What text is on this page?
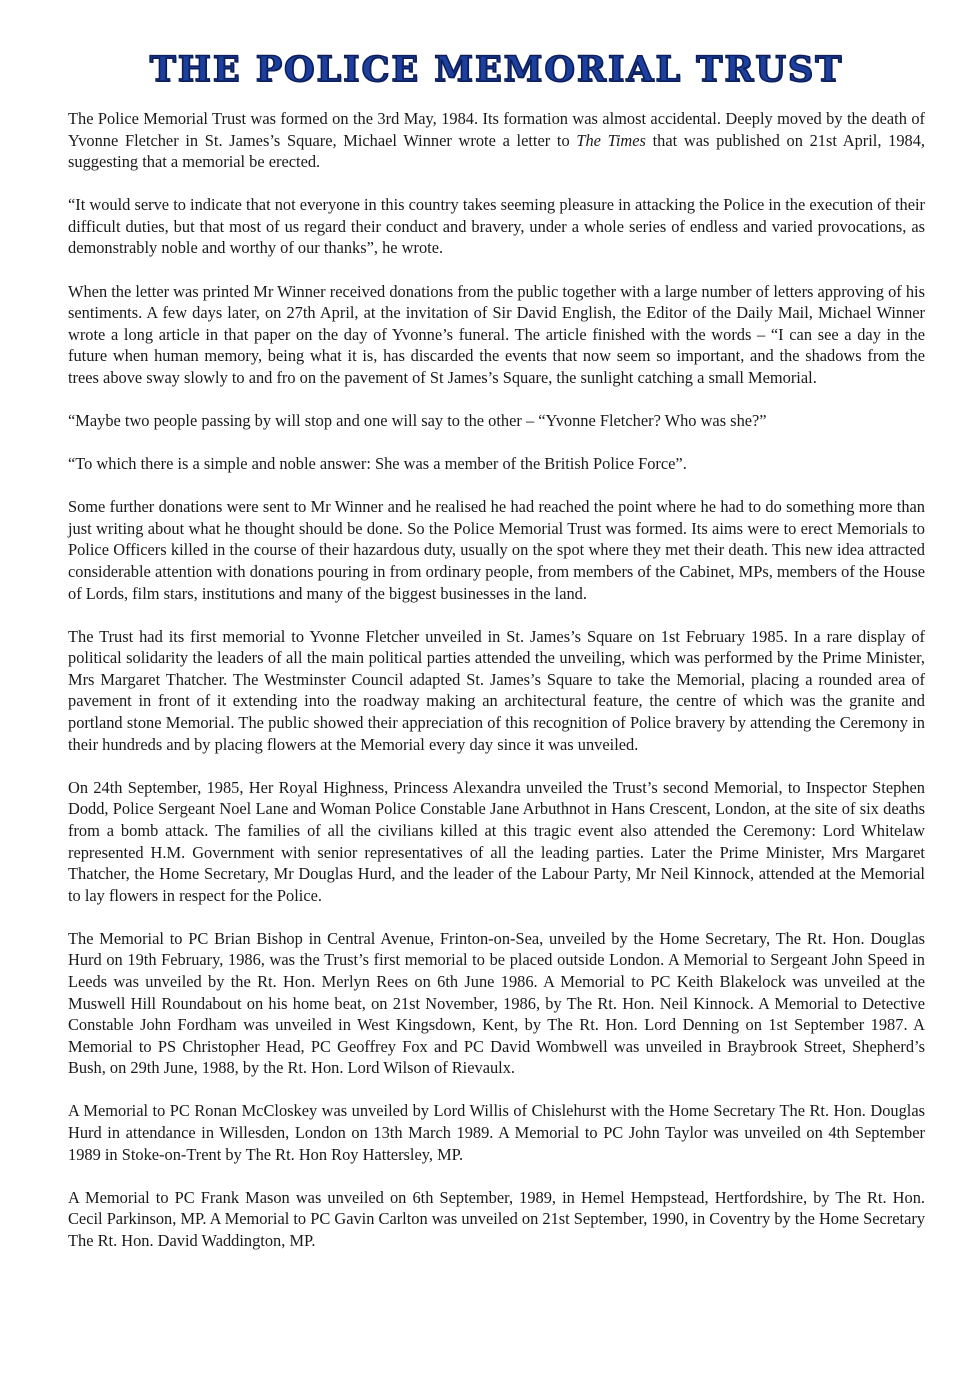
THE POLICE MEMORIAL TRUST

The Police Memorial Trust was formed on the 3rd May, 1984. Its formation was almost accidental. Deeply moved by the death of Yvonne Fletcher in St. James’s Square, Michael Winner wrote a letter to The Times that was published on 21st April, 1984, suggesting that a memorial be erected.

“It would serve to indicate that not everyone in this country takes seeming pleasure in attacking the Police in the execution of their difficult duties, but that most of us regard their conduct and bravery, under a whole series of endless and varied provocations, as demonstrably noble and worthy of our thanks”, he wrote.

When the letter was printed Mr Winner received donations from the public together with a large number of letters approving of his sentiments. A few days later, on 27th April, at the invitation of Sir David English, the Editor of the Daily Mail, Michael Winner wrote a long article in that paper on the day of Yvonne’s funeral. The article finished with the words – “I can see a day in the future when human memory, being what it is, has discarded the events that now seem so important, and the shadows from the trees above sway slowly to and fro on the pavement of St James’s Square, the sunlight catching a small Memorial.

“Maybe two people passing by will stop and one will say to the other – “Yvonne Fletcher? Who was she?”

“To which there is a simple and noble answer: She was a member of the British Police Force”.

Some further donations were sent to Mr Winner and he realised he had reached the point where he had to do something more than just writing about what he thought should be done. So the Police Memorial Trust was formed. Its aims were to erect Memorials to Police Officers killed in the course of their hazardous duty, usually on the spot where they met their death. This new idea attracted considerable attention with donations pouring in from ordinary people, from members of the Cabinet, MPs, members of the House of Lords, film stars, institutions and many of the biggest businesses in the land.

The Trust had its first memorial to Yvonne Fletcher unveiled in St. James’s Square on 1st February 1985. In a rare display of political solidarity the leaders of all the main political parties attended the unveiling, which was performed by the Prime Minister, Mrs Margaret Thatcher. The Westminster Council adapted St. James’s Square to take the Memorial, placing a rounded area of pavement in front of it extending into the roadway making an architectural feature, the centre of which was the granite and portland stone Memorial. The public showed their appreciation of this recognition of Police bravery by attending the Ceremony in their hundreds and by placing flowers at the Memorial every day since it was unveiled.

On 24th September, 1985, Her Royal Highness, Princess Alexandra unveiled the Trust’s second Memorial, to Inspector Stephen Dodd, Police Sergeant Noel Lane and Woman Police Constable Jane Arbuthnot in Hans Crescent, London, at the site of six deaths from a bomb attack. The families of all the civilians killed at this tragic event also attended the Ceremony: Lord Whitelaw represented H.M. Government with senior representatives of all the leading parties. Later the Prime Minister, Mrs Margaret Thatcher, the Home Secretary, Mr Douglas Hurd, and the leader of the Labour Party, Mr Neil Kinnock, attended at the Memorial to lay flowers in respect for the Police.

The Memorial to PC Brian Bishop in Central Avenue, Frinton-on-Sea, unveiled by the Home Secretary, The Rt. Hon. Douglas Hurd on 19th February, 1986, was the Trust’s first memorial to be placed outside London. A Memorial to Sergeant John Speed in Leeds was unveiled by the Rt. Hon. Merlyn Rees on 6th June 1986. A Memorial to PC Keith Blakelock was unveiled at the Muswell Hill Roundabout on his home beat, on 21st November, 1986, by The Rt. Hon. Neil Kinnock. A Memorial to Detective Constable John Fordham was unveiled in West Kingsdown, Kent, by The Rt. Hon. Lord Denning on 1st September 1987. A Memorial to PS Christopher Head, PC Geoffrey Fox and PC David Wombwell was unveiled in Braybrook Street, Shepherd’s Bush, on 29th June, 1988, by the Rt. Hon. Lord Wilson of Rievaulx.

A Memorial to PC Ronan McCloskey was unveiled by Lord Willis of Chislehurst with the Home Secretary The Rt. Hon. Douglas Hurd in attendance in Willesden, London on 13th March 1989. A Memorial to PC John Taylor was unveiled on 4th September 1989 in Stoke-on-Trent by The Rt. Hon Roy Hattersley, MP.

A Memorial to PC Frank Mason was unveiled on 6th September, 1989, in Hemel Hempstead, Hertfordshire, by The Rt. Hon. Cecil Parkinson, MP. A Memorial to PC Gavin Carlton was unveiled on 21st September, 1990, in Coventry by the Home Secretary The Rt. Hon. David Waddington, MP.
